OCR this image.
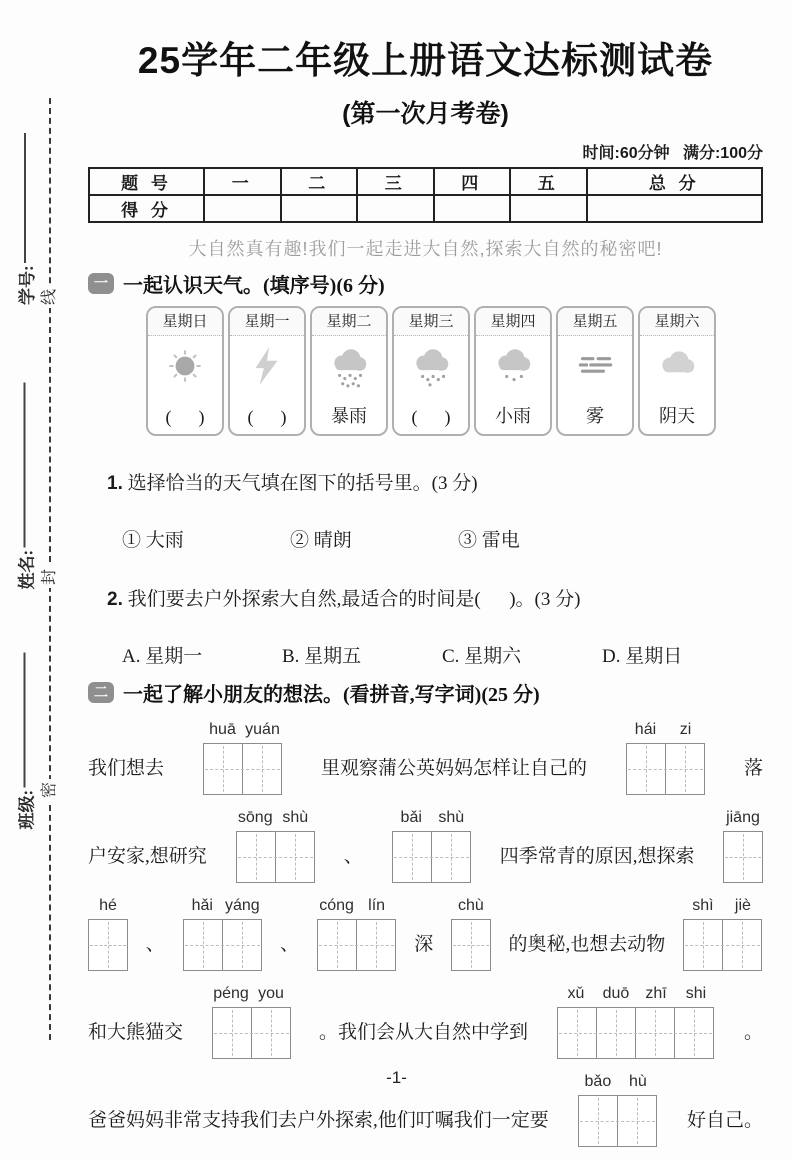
学号:
姓名:
班级:
线
封
密
25学年二年级上册语文达标测试卷
(第一次月考卷)
时间:60分钟   满分:100分
题 号	一	二	三	四	五	总 分
得 分						
大自然真有趣!我们一起走进大自然,探索大自然的秘密吧!
一 一起认识天气。(填序号)(6 分)
星期日
(      )
星期一
(      )
星期二
暴雨
星期三
(      )
星期四
小雨
星期五
雾
星期六
阴天

1. 选择恰当的天气填在图下的括号里。(3 分)

① 大雨	② 晴朗	③ 雷电

2. 我们要去户外探索大自然,最适合的时间是(      )。(3 分)

A. 星期一	B. 星期五	C. 星期六	D. 星期日
二 一起了解小朋友的想法。(看拼音,写字词)(25 分)
我们想去
huā yuán
里观察蒲公英妈妈怎样让自己的
hái	zi
落
户安家,想研究
sōng shù
、
bǎi	shù
四季常青的原因,想探索
jiāng
hé
、
hǎi yáng
、
cóng lín
深
chù
的奥秘,也想去动物
shì	jiè
和大熊猫交
péng you
。我们会从大自然中学到
xǔ	duō zhī	shi
。
爸爸妈妈非常支持我们去户外探索,他们叮嘱我们一定要
bǎo	hù
好自己。
-1-
